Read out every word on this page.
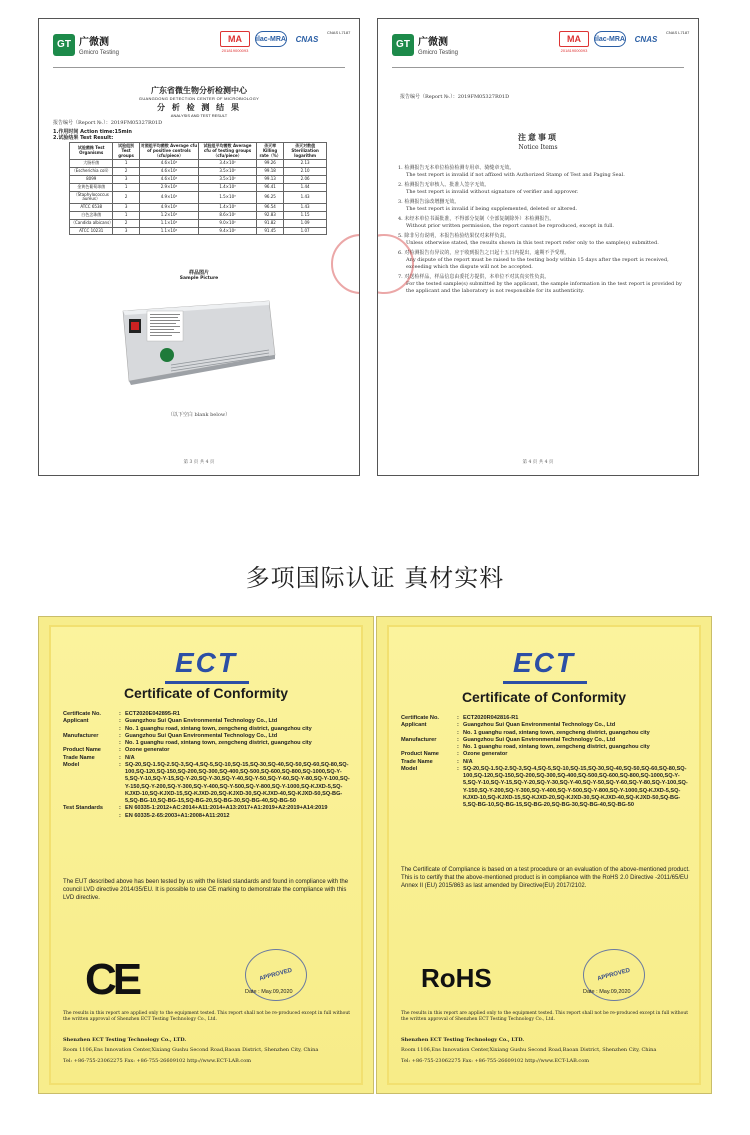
GT 广微测
Gmicro Testing
MA
201819000093
ilac-MRA	CNAS
CNAS L7187
广东省微生物分析检测中心
GUANGDONG DETECTION CENTER OF MICROBIOLOGY
分 析 检 测 结 果
ANALYSIS AND TEST RESULT
报告编号（Report №.）：2019FM05327R01D
1.作用时间 Action time:15min
2.试验结果 Test Result:
试验菌株 Test Organisms	试验组别 Test groups	对照组平均菌数 Average cfu of positive controls（cfu/piece）	试验组平均菌数 Average cfu of testing groups（cfu/piece）	杀灭率 Killing rate（%）	杀灭对数值 Sterilization logarithm
大肠杆菌	1	4.6×10⁴	3.4×10²	99.26	2.13
（Escherichia coli）	2	4.6×10⁴	3.5×10²	99.18	2.10
8099	3	4.6×10⁴	3.5×10²	99.13	2.06
金黄色葡萄球菌	1	2.9×10⁴	1.4×10³	96.41	1.44
（Staphylococcus aureus）	2	4.9×10⁴	1.5×10³	96.25	1.43
ATCC 6538	3	4.9×10⁴	1.4×10³	96.54	1.43
白色念珠菌	1	1.2×10⁴	8.6×10²	92.83	1.15
（Candida albicans）	2	1.1×10⁴	9.0×10²	91.82	1.09
ATCC 10231	3	1.1×10⁴	9.4×10²	91.45	1.07
样品图片
Sample Picture
（以下空白 blank below）
第 3 页 共 4 页
GT 广微测
Gmicro Testing
MA
201819000093
ilac-MRA	CNAS
CNAS L7187
报告编号（Report №.）：2019FM05327R01D
注意事项
Notice Items
1. 检测报告无本单位检验检测专用章、骑缝章无效。
The test report is invalid if not affixed with Authorized Stamp of Test and Paging Seal.
2. 检测报告无审核人、批准人签字无效。
The test report is invalid without signature of verifier and approver.
3. 检测报告涂改增删无效。
The test report is invalid if being supplemented, deleted or altered.
4. 未经本单位书面批准，不得部分复制（全部复制除外）本检测报告。
Without prior written permission, the report cannot be reproduced, except in full.
5. 除非另有说明，本报告检验结果仅对来样负责。
Unless otherwise stated, the results shown in this test report refer only to the sample(s) submitted.
6. 对检测报告有异议的，应于收到报告之日起十五日内提出，逾期不予受理。
Any dispute of the report must be raised to the testing body within 15 days after the report is received, exceeding which the dispute will not be accepted.
7. 对送检样品，样品信息由委托方提供，本单位不对其真实性负责。
For the tested sample(s) submitted by the applicant, the sample information in the test report is provided by the applicant and the laboratory is not responsible for its authenticity.
第 4 页 共 4 页
多项国际认证 真材实料
ECT
Certificate of Conformity
Certificate No.	: ECT2020E042895-R1
Applicant	: Guangzhou Sui Quan Environmental Technology Co., Ltd
: No. 1 guanghu road, xintang town, zengcheng district, guangzhou city
Manufacturer	: Guangzhou Sui Quan Environmental Technology Co., Ltd
: No. 1 guanghu road, xintang town, zengcheng district, guangzhou city
Product Name	: Ozone generator
Trade Name	: N/A
Model	: SQ-20,SQ-1.5Q-2.5Q-3,SQ-4,SQ-5,SQ-10,SQ-15,SQ-30,SQ-40,SQ-50,SQ-60,SQ-80,SQ-100,SQ-120,SQ-150,SQ-200,SQ-300,SQ-400,SQ-500,SQ-600,SQ-800,SQ-1000,SQ-Y-5,SQ-Y-10,SQ-Y-15,SQ-Y-20,SQ-Y-30,SQ-Y-40,SQ-Y-50,SQ-Y-60,SQ-Y-80,SQ-Y-100,SQ-Y-150,SQ-Y-200,SQ-Y-300,SQ-Y-400,SQ-Y-500,SQ-Y-800,SQ-Y-1000,SQ-KJXD-5,SQ-KJXD-10,SQ-KJXD-15,SQ-KJXD-20,SQ-KJXD-30,SQ-KJXD-40,SQ-KJXD-50,SQ-BG-5,SQ-BG-10,SQ-BG-15,SQ-BG-20,SQ-BG-30,SQ-BG-40,SQ-BG-50
Test Standards	: EN 60335-1:2012+AC:2014+A11:2014+A13:2017+A1:2019+A2:2019+A14:2019
: EN 60335-2-65:2003+A1:2008+A11:2012
The EUT described above has been tested by us with the listed standards and found in compliance with the council LVD directive 2014/35/EU. It is possible to use CE marking to demonstrate the compliance with this LVD directive.
CE	APPROVED
Date : May.09,2020
The results in this report are applied only to the equipment tested. This report shall not be re-produced except in full without the written approval of Shenzhen ECT Testing Technology Co., Ltd.
Shenzhen ECT Testing Technology Co., LTD.
Room 1106,Ens Innovation Center,Xixiang Gushu Second Road,Baoan District, Shenzhen City, China
Tel: +86-755-23062275 Fax: +86-755-26609102 http://www.ECT-LAB.com
ECT
Certificate of Conformity
Certificate No.	: ECT2020R042816-R1
Applicant	: Guangzhou Sui Quan Environmental Technology Co., Ltd
: No. 1 guanghu road, xintang town, zengcheng district, guangzhou city
Manufacturer	: Guangzhou Sui Quan Environmental Technology Co., Ltd
: No. 1 guanghu road, xintang town, zengcheng district, guangzhou city
Product Name	: Ozone generator
Trade Name	: N/A
Model	: SQ-20,SQ-1.5Q-2.5Q-3,SQ-4,SQ-5,SQ-10,SQ-15,SQ-30,SQ-40,SQ-50,SQ-60,SQ-80,SQ-100,SQ-120,SQ-150,SQ-200,SQ-300,SQ-400,SQ-500,SQ-600,SQ-800,SQ-1000,SQ-Y-5,SQ-Y-10,SQ-Y-15,SQ-Y-20,SQ-Y-30,SQ-Y-40,SQ-Y-50,SQ-Y-60,SQ-Y-80,SQ-Y-100,SQ-Y-150,SQ-Y-200,SQ-Y-300,SQ-Y-400,SQ-Y-500,SQ-Y-800,SQ-Y-1000,SQ-KJXD-5,SQ-KJXD-10,SQ-KJXD-15,SQ-KJXD-20,SQ-KJXD-30,SQ-KJXD-40,SQ-KJXD-50,SQ-BG-5,SQ-BG-10,SQ-BG-15,SQ-BG-20,SQ-BG-30,SQ-BG-40,SQ-BG-50
The Certificate of Compliance is based on a test procedure or an evaluation of the above-mentioned product. This is to certify that the above-mentioned product is in compliance with the RoHS 2.0 Directive -2011/65/EU Annex II (EU) 2015/863 as last amended by Directive(EU) 2017/2102.
RoHS	APPROVED
Date : May.09,2020
The results in this report are applied only to the equipment tested. This report shall not be re-produced except in full without the written approval of Shenzhen ECT Testing Technology Co., Ltd.
Shenzhen ECT Testing Technology Co., LTD.
Room 1106,Ens Innovation Center,Xixiang Gushu Second Road,Baoan District, Shenzhen City, China
Tel: +86-755-23062275 Fax: +86-755-26609102 http://www.ECT-LAB.com
